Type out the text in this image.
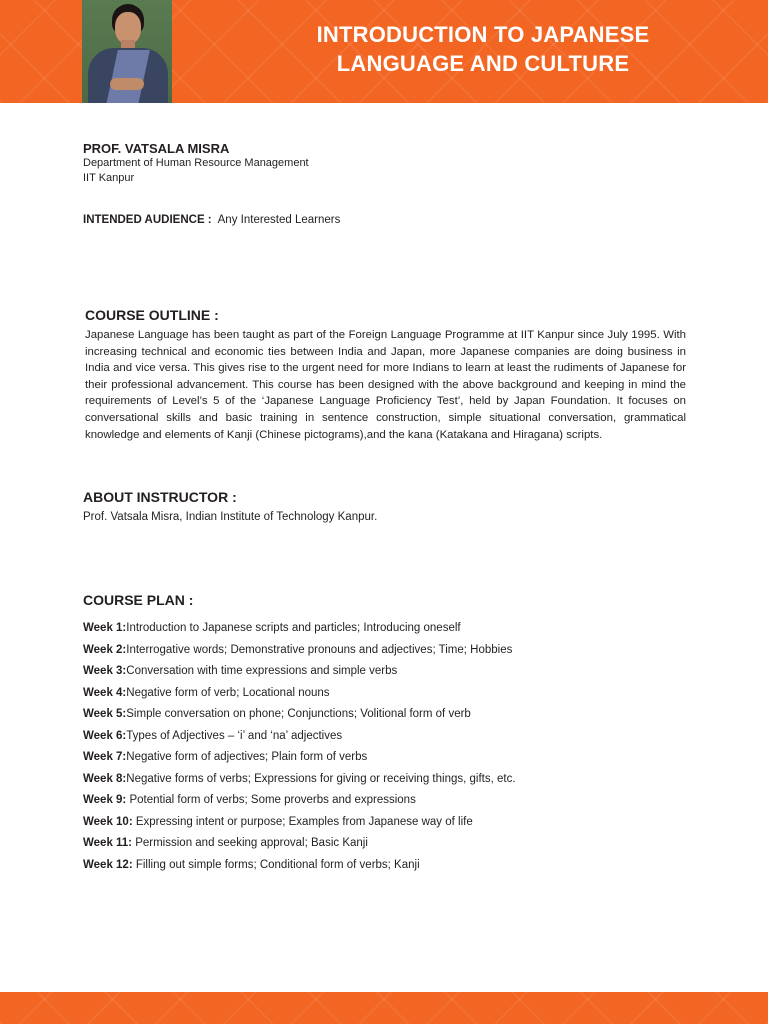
INTRODUCTION TO JAPANESE
LANGUAGE AND CULTURE
PROF. VATSALA MISRA
Department of Human Resource Management
IIT Kanpur
INTENDED AUDIENCE : Any Interested Learners
COURSE OUTLINE :
Japanese Language has been taught as part of the Foreign Language Programme at IIT Kanpur since July 1995. With increasing technical and economic ties between India and Japan, more Japanese companies are doing business in India and vice versa. This gives rise to the urgent need for more Indians to learn at least the rudiments of Japanese for their professional advancement. This course has been designed with the above background and keeping in mind the requirements of Level’s 5 of the ‘Japanese Language Proficiency Test’, held by Japan Foundation. It focuses on conversational skills and basic training in sentence construction, simple situational conversation, grammatical knowledge and elements of Kanji (Chinese pictograms),and the kana (Katakana and Hiragana) scripts.
ABOUT INSTRUCTOR :
Prof. Vatsala Misra, Indian Institute of Technology Kanpur.
COURSE PLAN :
Week 1:Introduction to Japanese scripts and particles; Introducing oneself
Week 2:Interrogative words; Demonstrative pronouns and adjectives; Time; Hobbies
Week 3:Conversation with time expressions and simple verbs
Week 4:Negative form of verb; Locational nouns
Week 5:Simple conversation on phone; Conjunctions; Volitional form of verb
Week 6:Types of Adjectives – ‘i’ and ‘na’ adjectives
Week 7:Negative form of adjectives; Plain form of verbs
Week 8:Negative forms of verbs; Expressions for giving or receiving things, gifts, etc.
Week 9: Potential form of verbs; Some proverbs and expressions
Week 10: Expressing intent or purpose; Examples from Japanese way of life
Week 11: Permission and seeking approval; Basic Kanji
Week 12: Filling out simple forms; Conditional form of verbs; Kanji
